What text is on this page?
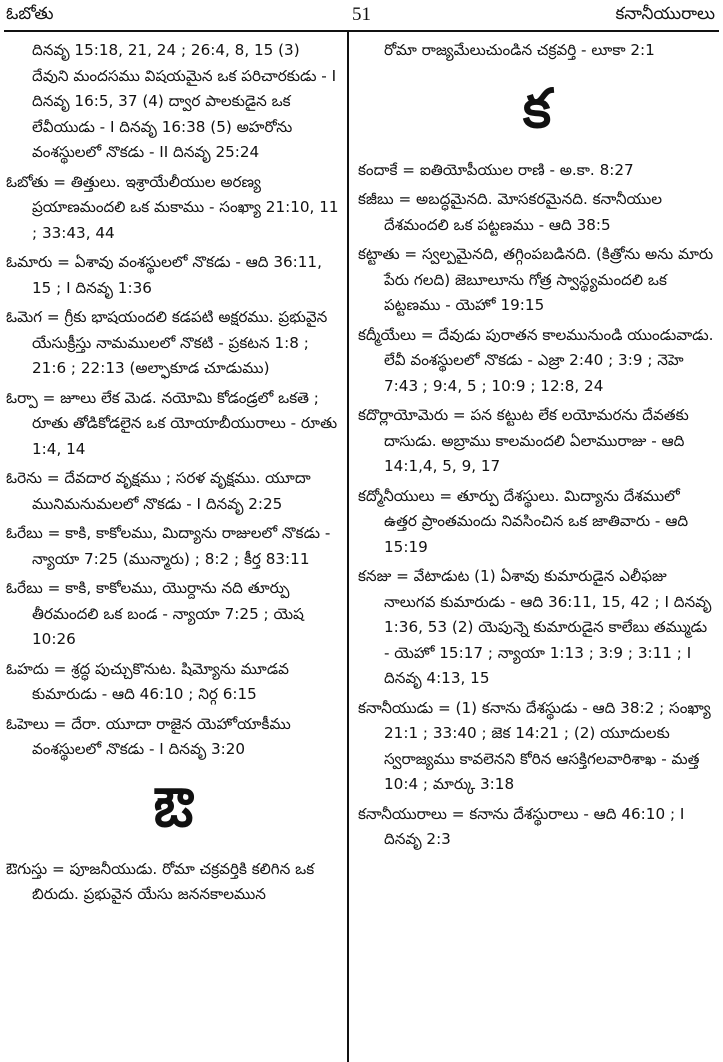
ఓబోతు	51	కనానీయురాలు

దినవృ 15:18, 21, 24 ; 26:4, 8, 15 (3) దేవుని మందసము విషయమైన ఒక పరిచారకుడు - I దినవృ 16:5, 37 (4) ద్వార పాలకుడైన ఒక లేవీయుడు - I దినవృ 16:38 (5) అహరోను వంశస్థులలో నొకడు - II దినవృ 25:24

ఓబోతు = తిత్తులు. ఇశ్రాయేలీయుల అరణ్య ప్రయాణమందలి ఒక మకాము - సంఖ్యా 21:10, 11 ; 33:43, 44

ఓమారు = ఏశావు వంశస్థులలో నొకడు - ఆది 36:11, 15 ; I దినవృ 1:36

ఓమెగ = గ్రీకు భాషయందలి కడపటి అక్షరము. ప్రభువైన యేసుక్రీస్తు నామములలో నొకటి - ప్రకటన 1:8 ; 21:6 ; 22:13 (అల్ఫాకూడ చూడుము)

ఓర్పా = జూలు లేక మెడ. నయోమి కోడండ్రలో ఒకతె ; రూతు తోడికోడలైన ఒక యోయాబీయురాలు - రూతు 1:4, 14

ఓరెను = దేవదార వృక్షము ; సరళ వృక్షము. యూదా మునిమనుమలలో నొకడు - I దినవృ 2:25

ఓరేబు = కాకి, కాకోలము, మిద్యాను రాజులలో నొకడు - న్యాయా 7:25 (మున్మారు) ; 8:2 ; కీర్త 83:11

ఓరేబు = కాకి, కాకోలము, యొర్దాను నది తూర్పు తీరమందలి ఒక బండ - న్యాయా 7:25 ; యెష 10:26

ఓహదు = శ్రద్ధ పుచ్చుకొనుట. షిమ్యోను మూడవ కుమారుడు - ఆది 46:10 ; నిర్గ 6:15

ఓహెలు = దేరా. యూదా రాజైన యెహోయాకీము వంశస్థులలో నొకడు - I దినవృ 3:20

ఔ

ఔగుస్తు = పూజనీయుడు. రోమా చక్రవర్తికి కలిగిన ఒక బిరుదు. ప్రభువైన యేసు జననకాలమున

రోమా రాజ్యమేలుచుండిన చక్రవర్తి - లూకా 2:1

క

కందాకే = ఐతియోపీయుల రాణి - అ.కా. 8:27

కజీబు = అబద్ధమైనది. మోసకరమైనది. కనానీయుల దేశమందలి ఒక పట్టణము - ఆది 38:5

కట్టాతు = స్వల్పమైనది, తగ్గింపబడినది. (కిత్రోను అను మారు పేరు గలది) జెబూలూను గోత్ర స్వాస్థ్యమందలి ఒక పట్టణము - యెహో 19:15

కద్మీయేలు = దేవుడు పురాతన కాలమునుండి యుండువాడు. లేవీ వంశస్థులలో నొకడు - ఎజ్రా 2:40 ; 3:9 ; నెహె 7:43 ; 9:4, 5 ; 10:9 ; 12:8, 24

కదొర్లాయోమెరు = పన కట్టుట లేక లయోమరను దేవతకు దాసుడు. అబ్రాము కాలమందలి ఏలామురాజు - ఆది 14:1,4, 5, 9, 17

కద్మోనీయులు = తూర్పు దేశస్థులు. మిద్యాను దేశములో ఉత్తర ప్రాంతమందు నివసించిన ఒక జాతివారు - ఆది 15:19

కనజు = వేటాడుట (1) ఏశావు కుమారుడైన ఎలీఫజు నాలుగవ కుమారుడు - ఆది 36:11, 15, 42 ; I దినవృ 1:36, 53 (2) యెపున్నె కుమారుడైన కాలేబు తమ్ముడు - యెహో 15:17 ; న్యాయా 1:13 ; 3:9 ; 3:11 ; I దినవృ 4:13, 15

కనానీయుడు = (1) కనాను దేశస్థుడు - ఆది 38:2 ; సంఖ్యా 21:1 ; 33:40 ; జెక 14:21 ; (2) యూదులకు స్వరాజ్యము కావలెనని కోరిన ఆసక్తిగలవారిశాఖ - మత్త 10:4 ; మార్కు 3:18

కనానీయురాలు = కనాను దేశస్థురాలు - ఆది 46:10 ; I దినవృ 2:3
